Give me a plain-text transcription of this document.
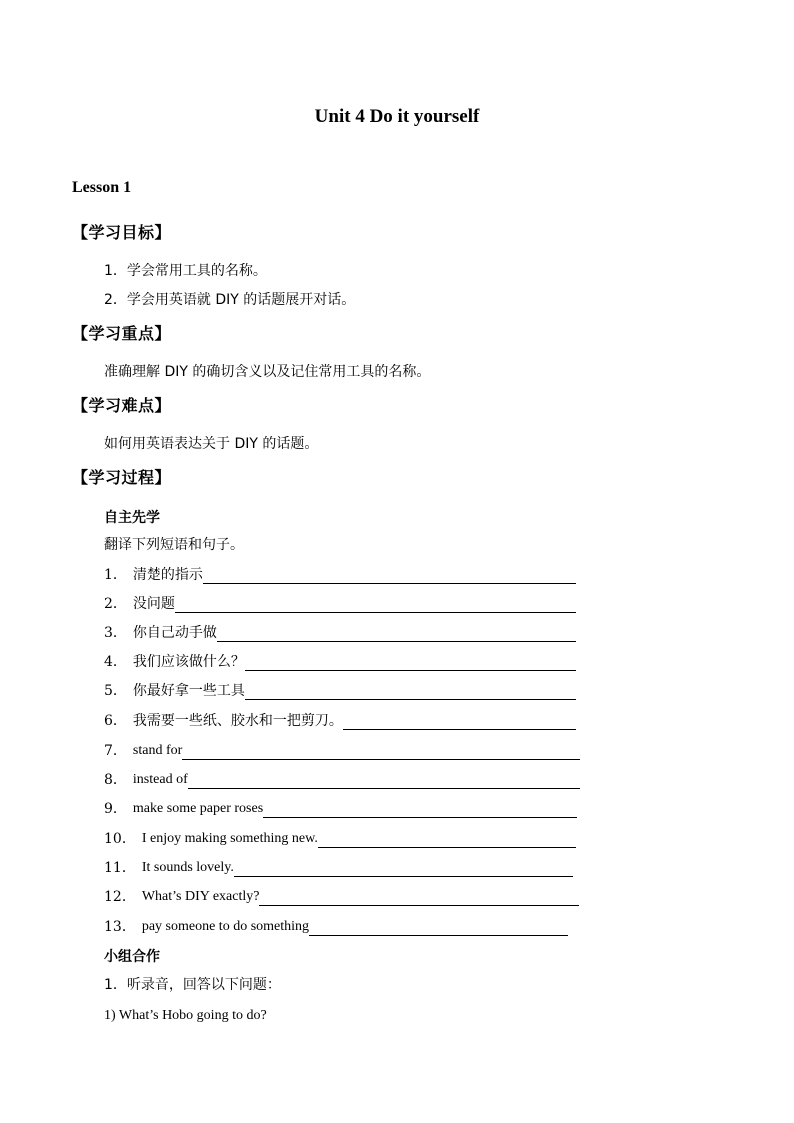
Unit 4 Do it yourself
Lesson 1
【学习目标】
1．学会常用工具的名称。
2．学会用英语就 DIY 的话题展开对话。
【学习重点】
准确理解 DIY 的确切含义以及记住常用工具的名称。
【学习难点】
如何用英语表达关于 DIY 的话题。
【学习过程】
自主先学
翻译下列短语和句子。
1． 清楚的指示
2． 没问题
3． 你自己动手做
4． 我们应该做什么？
5． 你最好拿一些工具
6． 我需要一些纸、胶水和一把剪刀。
7． stand for
8． instead of
9． make some paper roses
10． I enjoy making something new.
11． It sounds lovely.
12． What’s DIY exactly?
13． pay someone to do something
小组合作
1．听录音，回答以下问题：
1) What’s Hobo going to do?
